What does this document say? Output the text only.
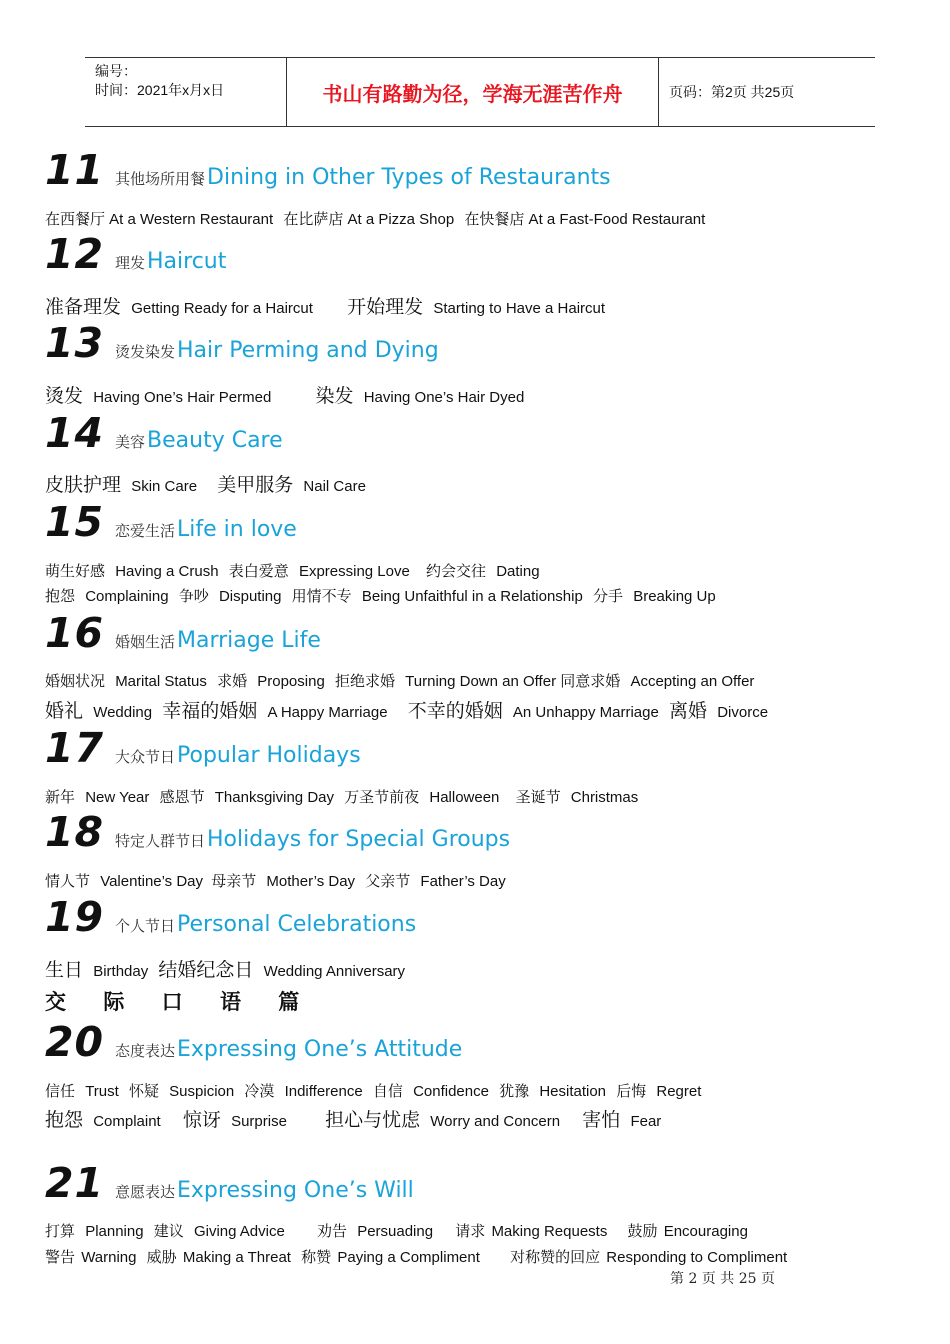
编号：
时间：2021年x月x日	书山有路勤为径，学海无涯苦作舟	页码：第2页 共25页
11 其他场所用餐 Dining in Other Types of Restaurants
在西餐厅 At a Western Restaurant 在比萨店 At a Pizza Shop 在快餐店 At a Fast-Food Restaurant
12 理发 Haircut
准备理发 Getting Ready for a Haircut 开始理发 Starting to Have a Haircut
13 烫发染发 Hair Perming and Dying
烫发 Having One’s Hair Permed 染发 Having One’s Hair Dyed
14 美容 Beauty Care
皮肤护理 Skin Care 美甲服务 Nail Care
15 恋爱生活 Life in love
萌生好感 Having a Crush 表白爱意 Expressing Love 约会交往 Dating
抱怨 Complaining 争吵 Disputing 用情不专 Being Unfaithful in a Relationship 分手 Breaking Up
16 婚姻生活 Marriage Life
婚姻状况 Marital Status 求婚 Proposing 拒绝求婚 Turning Down an Offer 同意求婚 Accepting an Offer
婚礼 Wedding 幸福的婚姻 A Happy Marriage 不幸的婚姻 An Unhappy Marriage 离婚 Divorce
17 大众节日 Popular Holidays
新年 New Year 感恩节 Thanksgiving Day 万圣节前夜 Halloween 圣诞节 Christmas
18 特定人群节日 Holidays for Special Groups
情人节 Valentine’s Day 母亲节 Mother’s Day 父亲节 Father’s Day
19 个人节日 Personal Celebrations
生日 Birthday 结婚纪念日 Wedding Anniversary
交 际 口 语 篇
20 态度表达 Expressing One’s Attitude
信任 Trust 怀疑 Suspicion 冷漠 Indifference 自信 Confidence 犹豫 Hesitation 后悔 Regret
抱怨 Complaint 惊讶 Surprise 担心与忧虑 Worry and Concern 害怕 Fear
21 意愿表达 Expressing One’s Will
打算 Planning 建议 Giving Advice 劝告 Persuading 请求 Making Requests 鼓励 Encouraging
警告 Warning 威胁 Making a Threat 称赞 Paying a Compliment 对称赞的回应 Responding to Compliment
第 2 页 共 25 页
